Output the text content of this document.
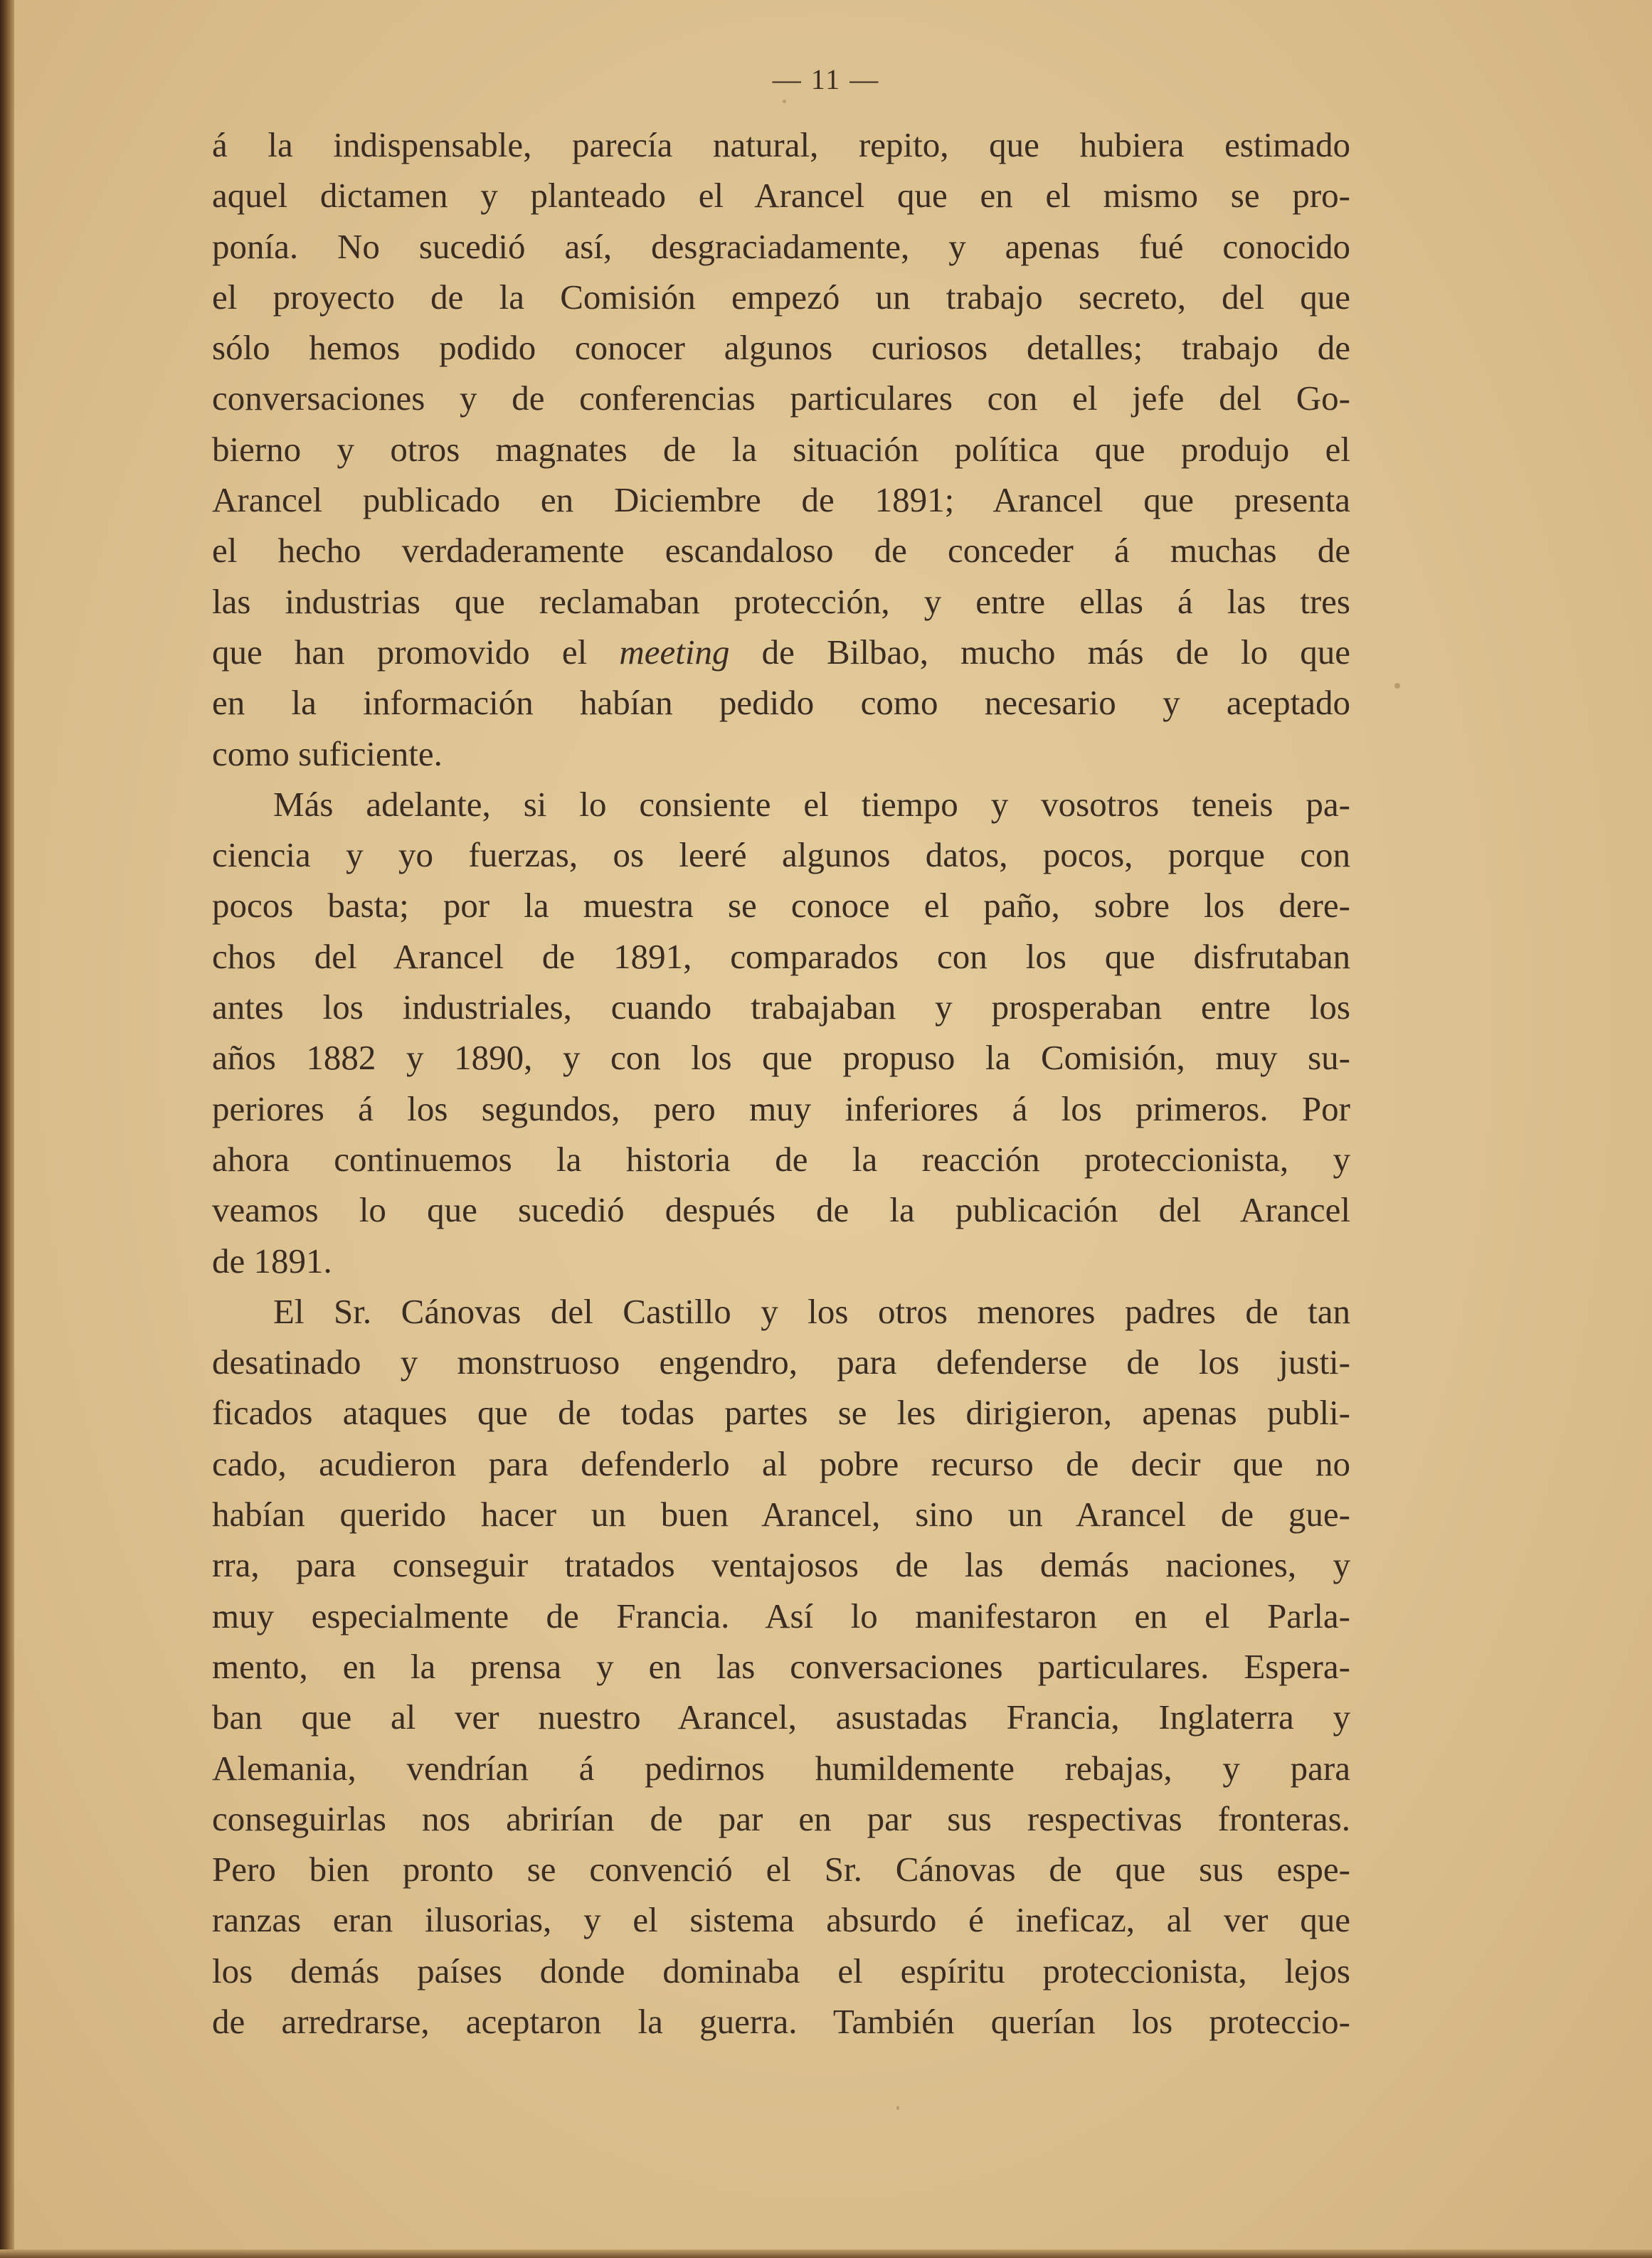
— 11 —
á la indispensable, parecía natural, repito, que hubiera estimado
aquel dictamen y planteado el Arancel que en el mismo se pro-
ponía. No sucedió así, desgraciadamente, y apenas fué conocido
el proyecto de la Comisión empezó un trabajo secreto, del que
sólo hemos podido conocer algunos curiosos detalles; trabajo de
conversaciones y de conferencias particulares con el jefe del Go-
bierno y otros magnates de la situación política que produjo el
Arancel publicado en Diciembre de 1891; Arancel que presenta
el hecho verdaderamente escandaloso de conceder á muchas de
las industrias que reclamaban protección, y entre ellas á las tres
que han promovido el meeting de Bilbao, mucho más de lo que
en la información habían pedido como necesario y aceptado
como suficiente.
Más adelante, si lo consiente el tiempo y vosotros teneis pa-
ciencia y yo fuerzas, os leeré algunos datos, pocos, porque con
pocos basta; por la muestra se conoce el paño, sobre los dere-
chos del Arancel de 1891, comparados con los que disfrutaban
antes los industriales, cuando trabajaban y prosperaban entre los
años 1882 y 1890, y con los que propuso la Comisión, muy su-
periores á los segundos, pero muy inferiores á los primeros. Por
ahora continuemos la historia de la reacción proteccionista, y
veamos lo que sucedió después de la publicación del Arancel
de 1891.
El Sr. Cánovas del Castillo y los otros menores padres de tan
desatinado y monstruoso engendro, para defenderse de los justi-
ficados ataques que de todas partes se les dirigieron, apenas publi-
cado, acudieron para defenderlo al pobre recurso de decir que no
habían querido hacer un buen Arancel, sino un Arancel de gue-
rra, para conseguir tratados ventajosos de las demás naciones, y
muy especialmente de Francia. Así lo manifestaron en el Parla-
mento, en la prensa y en las conversaciones particulares. Espera-
ban que al ver nuestro Arancel, asustadas Francia, Inglaterra y
Alemania, vendrían á pedirnos humildemente rebajas, y para
conseguirlas nos abrirían de par en par sus respectivas fronteras.
Pero bien pronto se convenció el Sr. Cánovas de que sus espe-
ranzas eran ilusorias, y el sistema absurdo é ineficaz, al ver que
los demás países donde dominaba el espíritu proteccionista, lejos
de arredrarse, aceptaron la guerra. También querían los proteccio-
